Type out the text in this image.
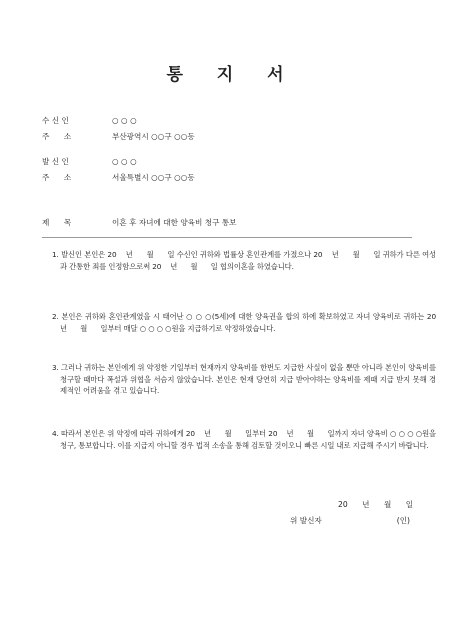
통 지 서
수 신 인	○ ○ ○
주      소	부산광역시 ○○구 ○○동
발 신 인	○ ○ ○
주      소	서울특별시 ○○구 ○○동
제      목	이혼 후 자녀에 대한 양육비 청구 통보
1. 발신인 본인은 20    년      월      일 수신인 귀하와 법률상 혼인관계를 가졌으나 20    년      월      일 귀하가 다른 여성과 간통한 죄를 인정함으로써 20    년      월      일 협의이혼을 하였습니다.
2. 본인은 귀하와 혼인관계였을 시 태어난 ○ ○ ○(5세)에 대한 양육권을 합의 하에 확보하였고 자녀 양육비로 귀하는 20    년      월      일부터 매달 ○ ○ ○ ○원을 지급하기로 약정하였습니다.
3. 그러나 귀하는 본인에게 위 약정한 기일부터 현재까지 양육비를 한번도 지급한 사실이 없을 뿐만 아니라 본인이 양육비를 청구할 때마다 폭설과 위협을 서슴지 않았습니다. 본인은 현재 당연히 지급 받아야하는 양육비를 제때 지급 받지 못해 경제적인 어려움을 겪고 있습니다.
4. 따라서 본인은 위 약정에 따라 귀하에게 20    년      월      일부터 20    년      월      일까지 자녀 양육비 ○ ○ ○ ○원을 청구, 통보합니다. 이를 지급지 아니할 경우 법적 소송을 통해 검토할 것이오니 빠른 시일 내로 지급해 주시기 바랍니다.
20      년      월      일
위 발신자	(인)
